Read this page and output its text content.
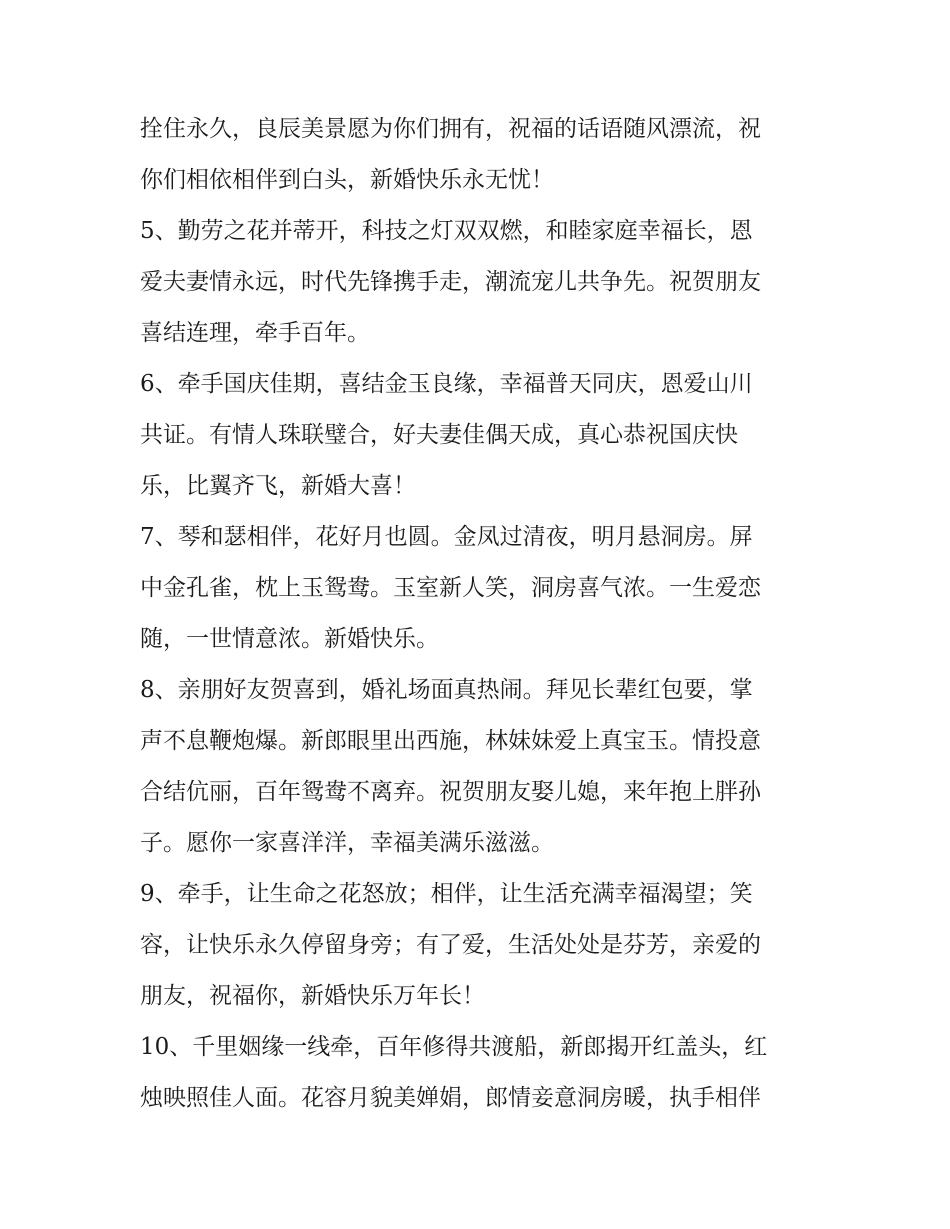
拴住永久，良辰美景愿为你们拥有，祝福的话语随风漂流，祝
你们相依相伴到白头，新婚快乐永无忧！
5、勤劳之花并蒂开，科技之灯双双燃，和睦家庭幸福长，恩
爱夫妻情永远，时代先锋携手走，潮流宠儿共争先。祝贺朋友
喜结连理，牵手百年。
6、牵手国庆佳期，喜结金玉良缘，幸福普天同庆，恩爱山川
共证。有情人珠联璧合，好夫妻佳偶天成，真心恭祝国庆快
乐，比翼齐飞，新婚大喜！
7、琴和瑟相伴，花好月也圆。金凤过清夜，明月悬洞房。屏
中金孔雀，枕上玉鸳鸯。玉室新人笑，洞房喜气浓。一生爱恋
随，一世情意浓。新婚快乐。
8、亲朋好友贺喜到，婚礼场面真热闹。拜见长辈红包要，掌
声不息鞭炮爆。新郎眼里出西施，林妹妹爱上真宝玉。情投意
合结伉丽，百年鸳鸯不离弃。祝贺朋友娶儿媳，来年抱上胖孙
子。愿你一家喜洋洋，幸福美满乐滋滋。
9、牵手，让生命之花怒放；相伴，让生活充满幸福渴望；笑
容，让快乐永久停留身旁；有了爱，生活处处是芬芳，亲爱的
朋友，祝福你，新婚快乐万年长！
10、千里姻缘一线牵，百年修得共渡船，新郎揭开红盖头，红
烛映照佳人面。花容月貌美婵娟，郎情妾意洞房暖，执手相伴
